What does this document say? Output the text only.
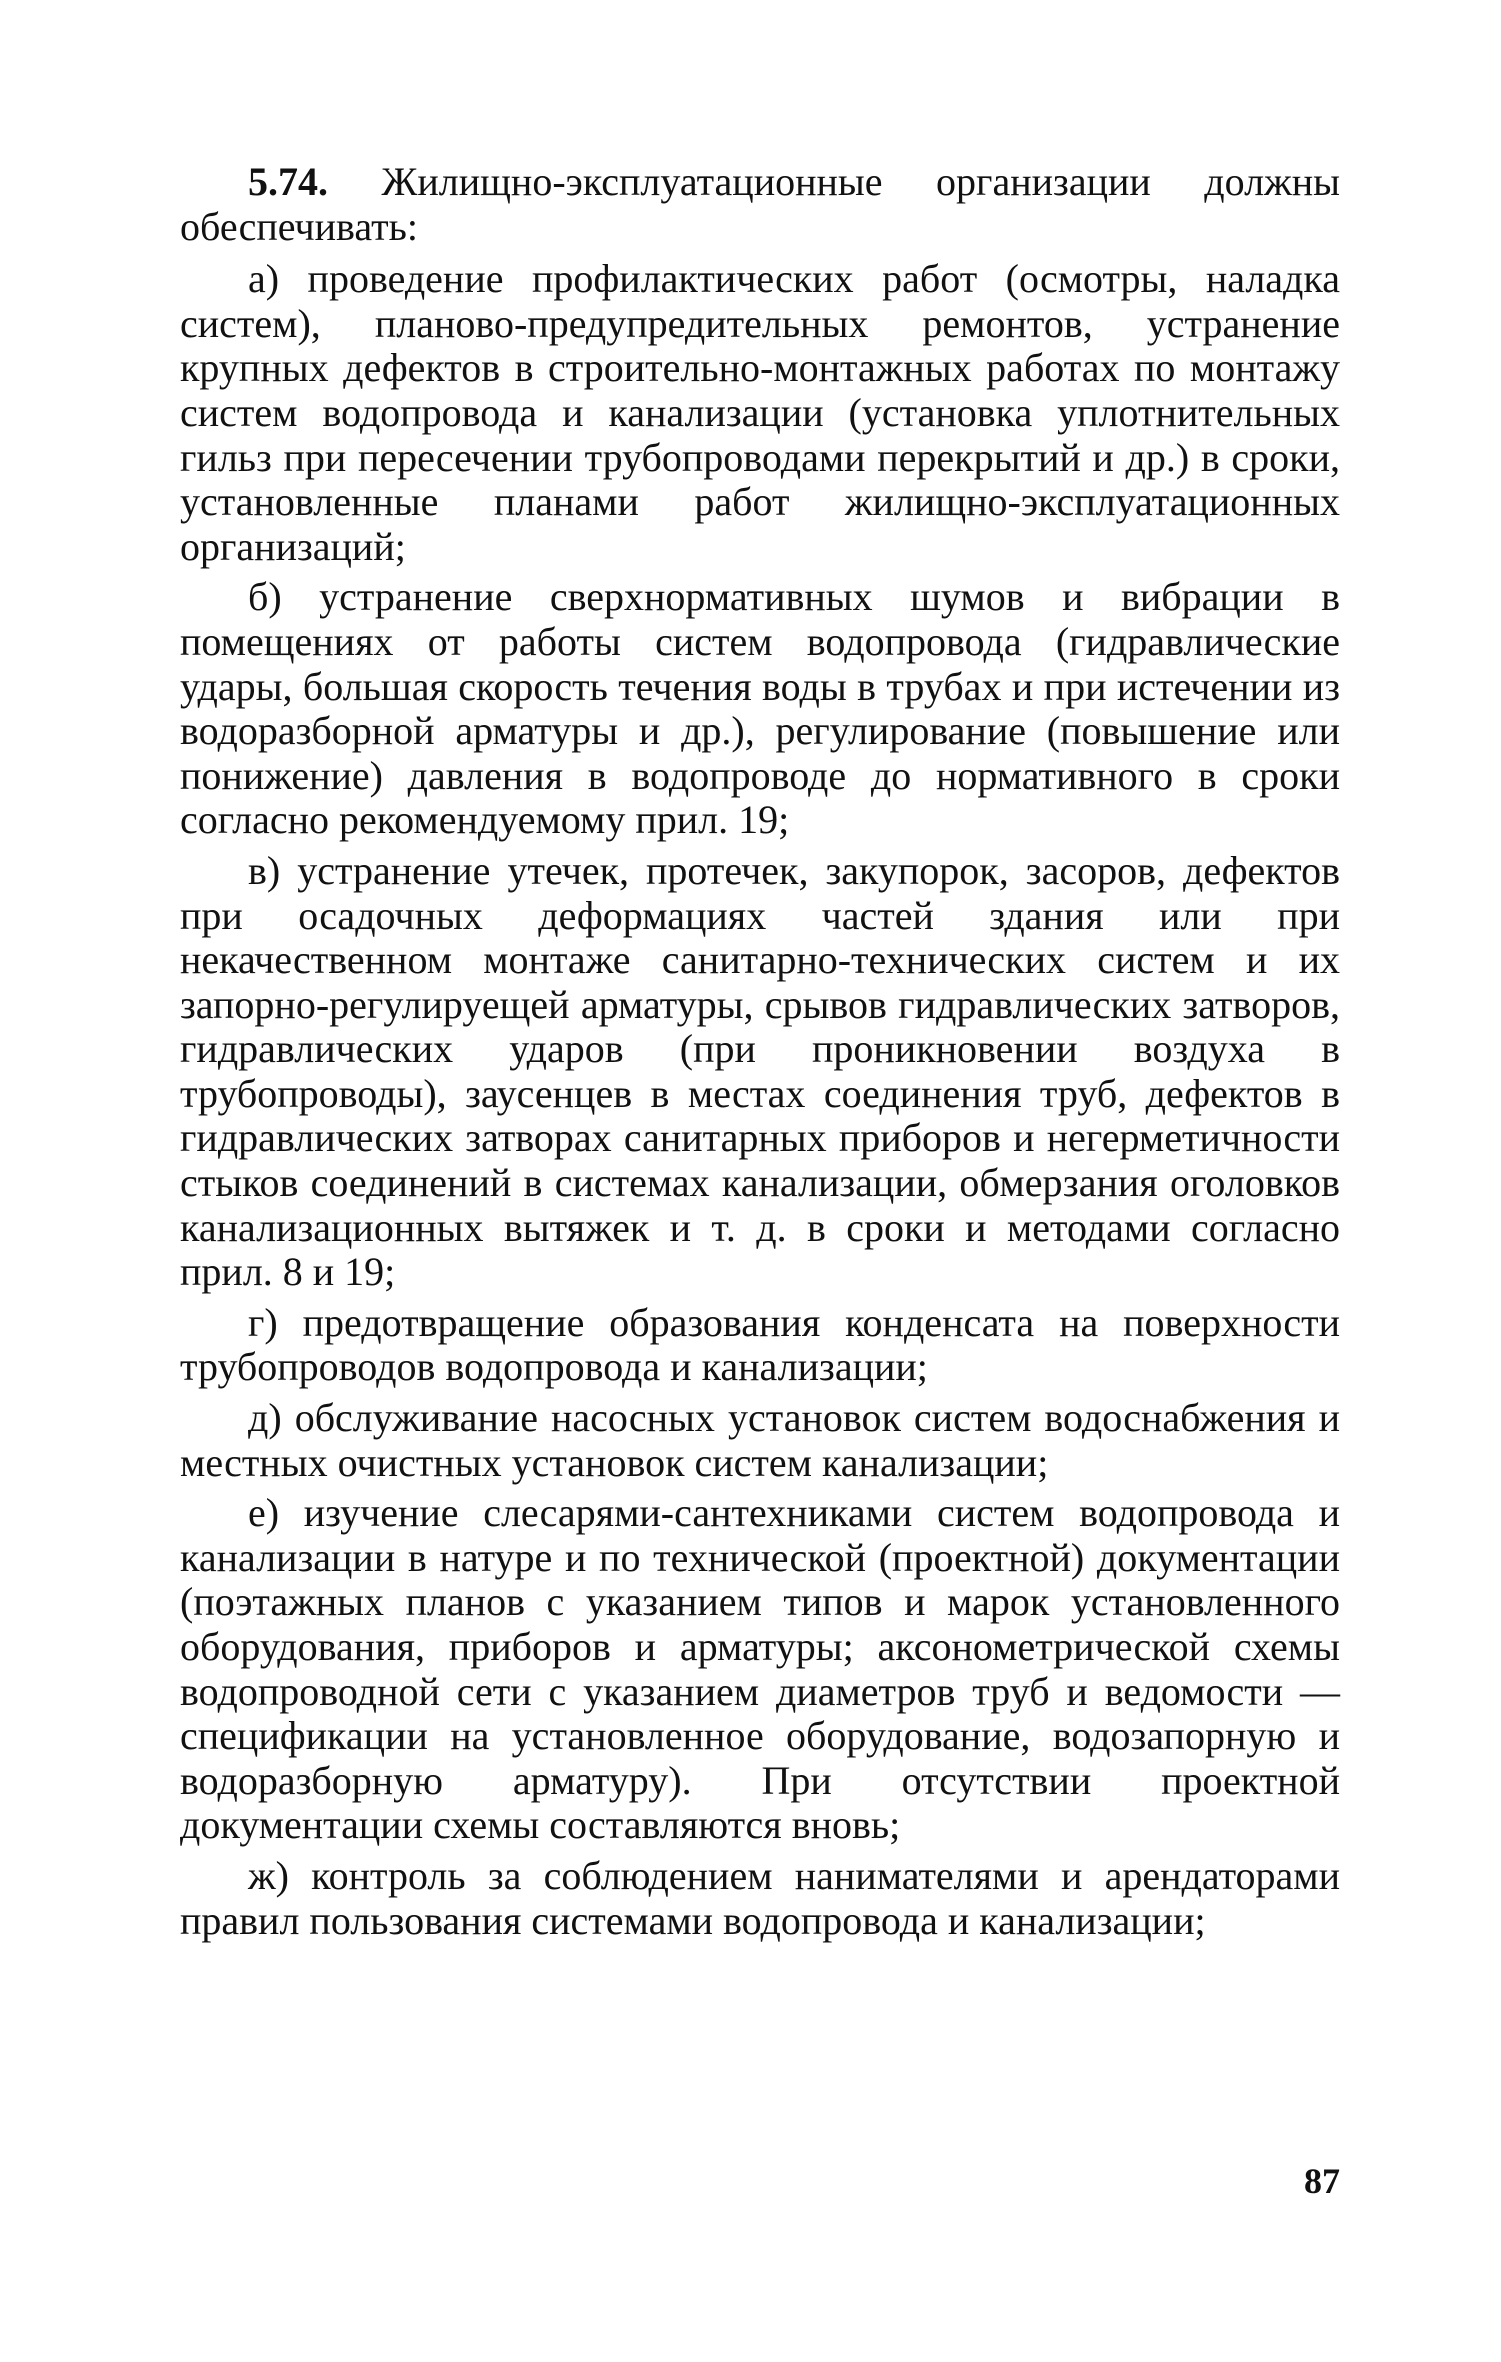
5.74. Жилищно-эксплуатационные организации должны обеспечивать:

а) проведение профилактических работ (осмотры, наладка систем), планово-предупредительных ремонтов, устранение крупных дефектов в строительно-монтажных работах по монтажу систем водопровода и канализации (установка уплотнительных гильз при пересечении трубопроводами перекрытий и др.) в сроки, установленные планами работ жилищно-эксплуатационных организаций;

б) устранение сверхнормативных шумов и вибрации в помещениях от работы систем водопровода (гидравлические удары, большая скорость течения воды в трубах и при истечении из водоразборной арматуры и др.), регулирование (повышение или понижение) давления в водопроводе до нормативного в сроки согласно рекомендуемому прил. 19;

в) устранение утечек, протечек, закупорок, засоров, дефектов при осадочных деформациях частей здания или при некачественном монтаже санитарно-технических систем и их запорно-регулируещей арматуры, срывов гидравлических затворов, гидравлических ударов (при проникновении воздуха в трубопроводы), заусенцев в местах соединения труб, дефектов в гидравлических затворах санитарных приборов и негерметичности стыков соединений в системах канализации, обмерзания оголовков канализационных вытяжек и т. д. в сроки и методами согласно прил. 8 и 19;

г) предотвращение образования конденсата на поверхности трубопроводов водопровода и канализации;

д) обслуживание насосных установок систем водоснабжения и местных очистных установок систем канализации;

е) изучение слесарями-сантехниками систем водопровода и канализации в натуре и по технической (проектной) документации (поэтажных планов с указанием типов и марок установленного оборудования, приборов и арматуры; аксонометрической схемы водопроводной сети с указанием диаметров труб и ведомости — спецификации на установленное оборудование, водозапорную и водоразборную арматуру). При отсутствии проектной документации схемы составляются вновь;

ж) контроль за соблюдением нанимателями и арендаторами правил пользования системами водопровода и канализации;

87
